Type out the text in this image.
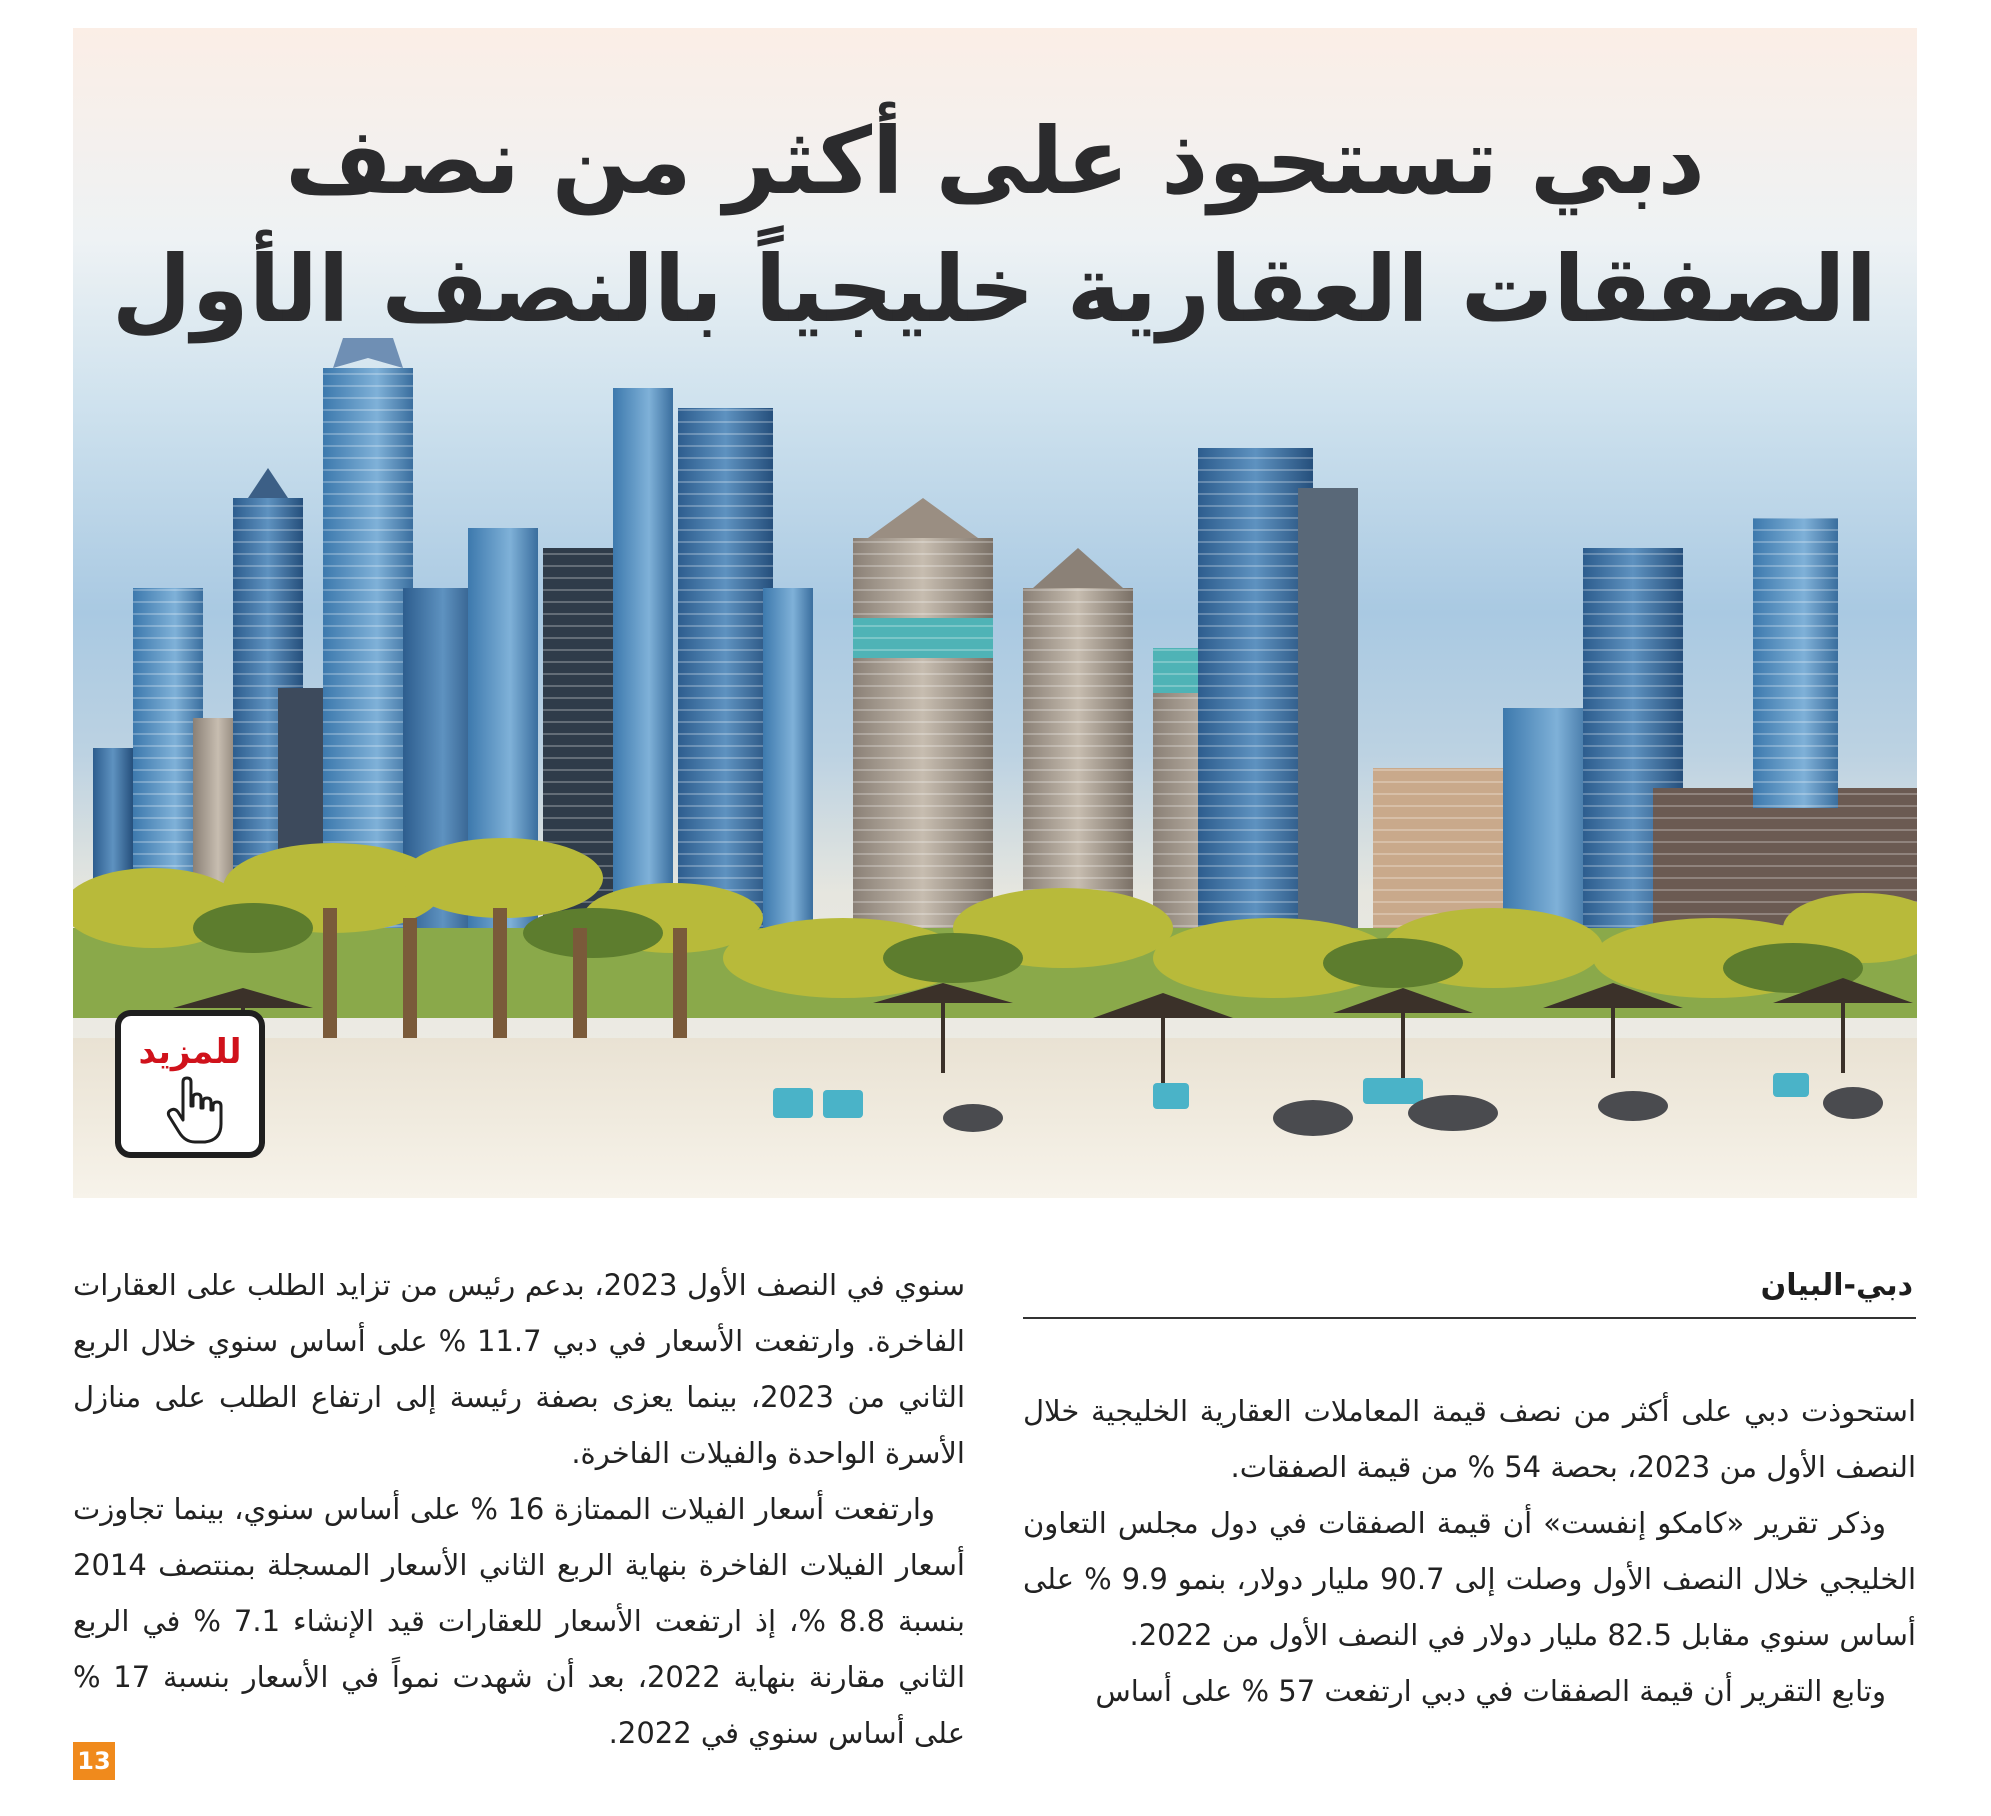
دبي تستحوذ على أكثر من نصف
الصفقات العقارية خليجياً بالنصف الأول
للمزيد
دبي-البيان

استحوذت دبي على أكثر من نصف قيمة المعاملات العقارية الخليجية خلال النصف الأول من 2023، بحصة 54 % من قيمة الصفقات.

وذكر تقرير «كامكو إنفست» أن قيمة الصفقات في دول مجلس التعاون الخليجي خلال النصف الأول وصلت إلى 90.7 مليار دولار، بنمو 9.9 % على أساس سنوي مقابل 82.5 مليار دولار في النصف الأول من 2022.

وتابع التقرير أن قيمة الصفقات في دبي ارتفعت 57 % على أساس

سنوي في النصف الأول 2023، بدعم رئيس من تزايد الطلب على العقارات الفاخرة. وارتفعت الأسعار في دبي 11.7 % على أساس سنوي خلال الربع الثاني من 2023، بينما يعزى بصفة رئيسة إلى ارتفاع الطلب على منازل الأسرة الواحدة والفيلات الفاخرة.

وارتفعت أسعار الفيلات الممتازة 16 % على أساس سنوي، بينما تجاوزت أسعار الفيلات الفاخرة بنهاية الربع الثاني الأسعار المسجلة بمنتصف 2014 بنسبة 8.8 %، إذ ارتفعت الأسعار للعقارات قيد الإنشاء 7.1 % في الربع الثاني مقارنة بنهاية 2022، بعد أن شهدت نمواً في الأسعار بنسبة 17 % على أساس سنوي في 2022.

13
